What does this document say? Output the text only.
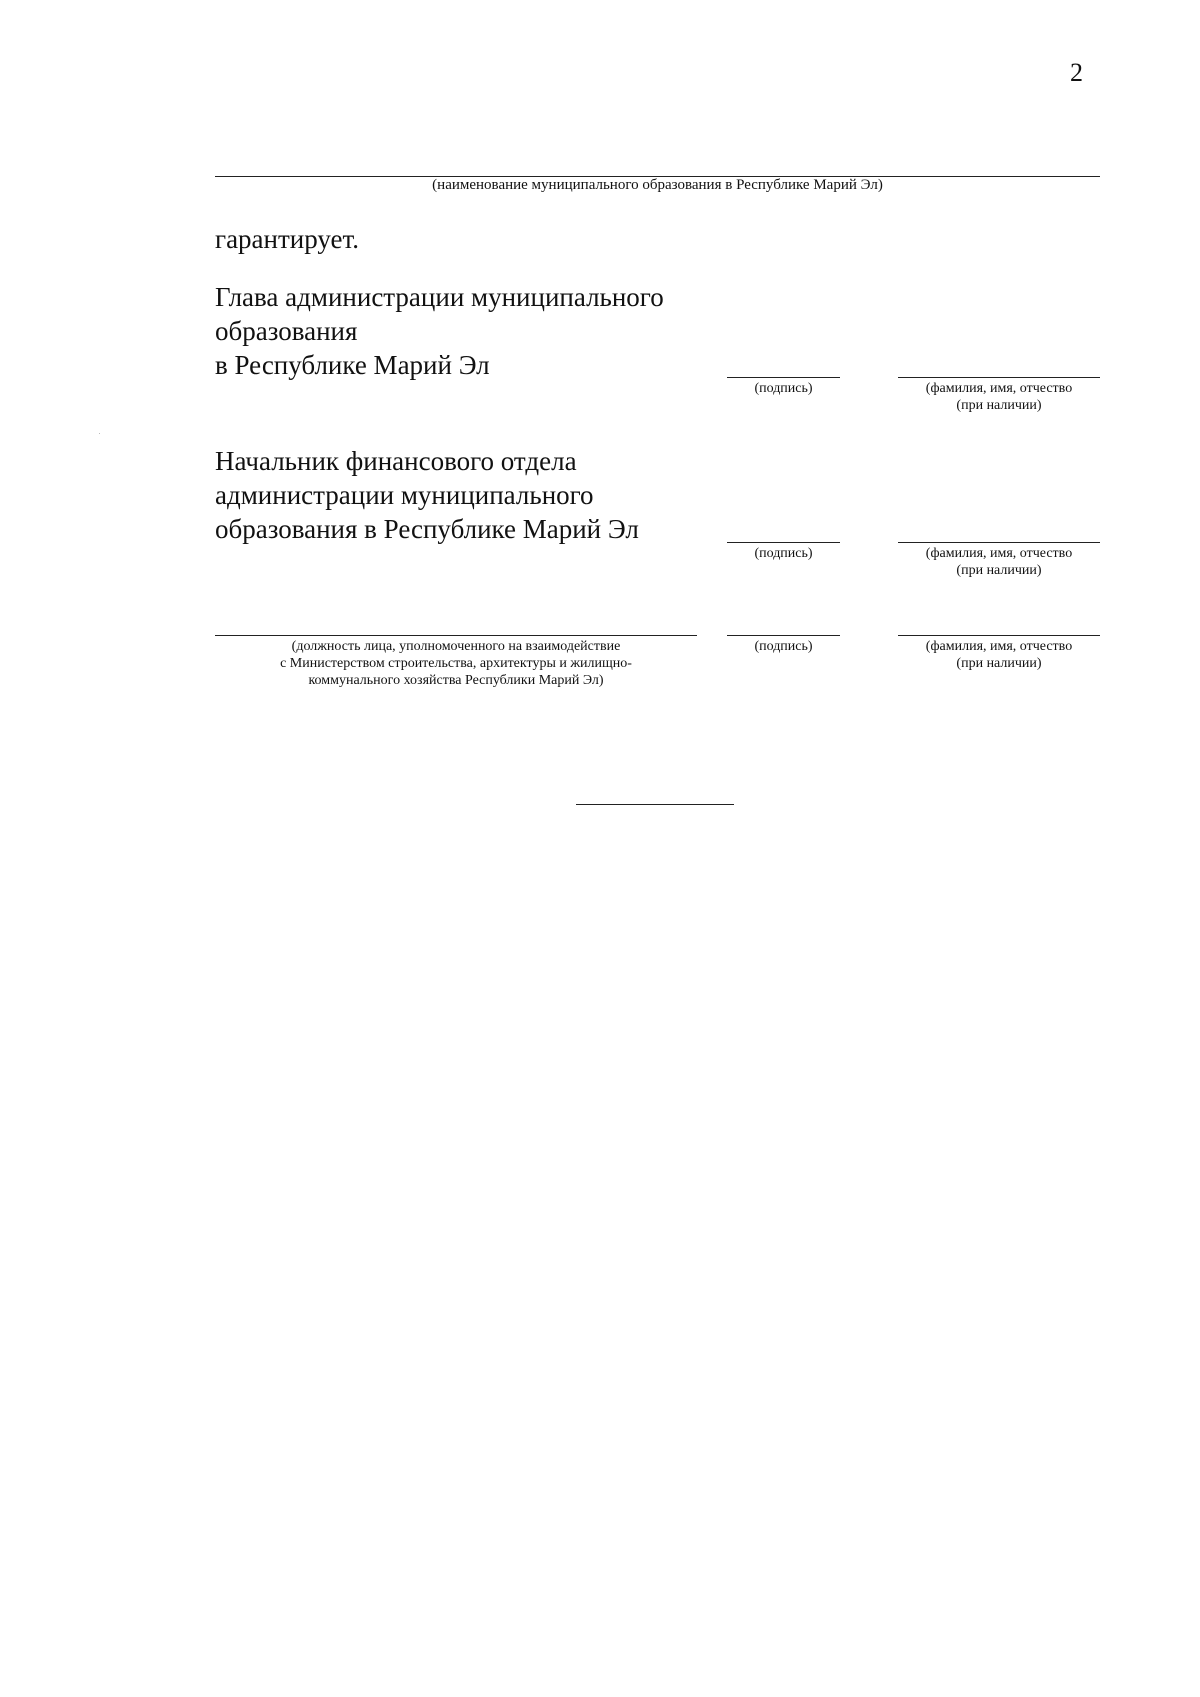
2
(наименование муниципального образования в Республике Марий Эл)
гарантирует.
Глава администрации муниципального
образования
в Республике Марий Эл
(подпись)	(фамилия, имя, отчество
(при наличии)
Начальник финансового отдела
администрации муниципального
образования в Республике Марий Эл
(подпись)	(фамилия, имя, отчество
(при наличии)
(должность лица, уполномоченного на взаимодействие
с Министерством строительства, архитектуры и жилищно-
коммунального хозяйства Республики Марий Эл)
(подпись)	(фамилия, имя, отчество
(при наличии)
